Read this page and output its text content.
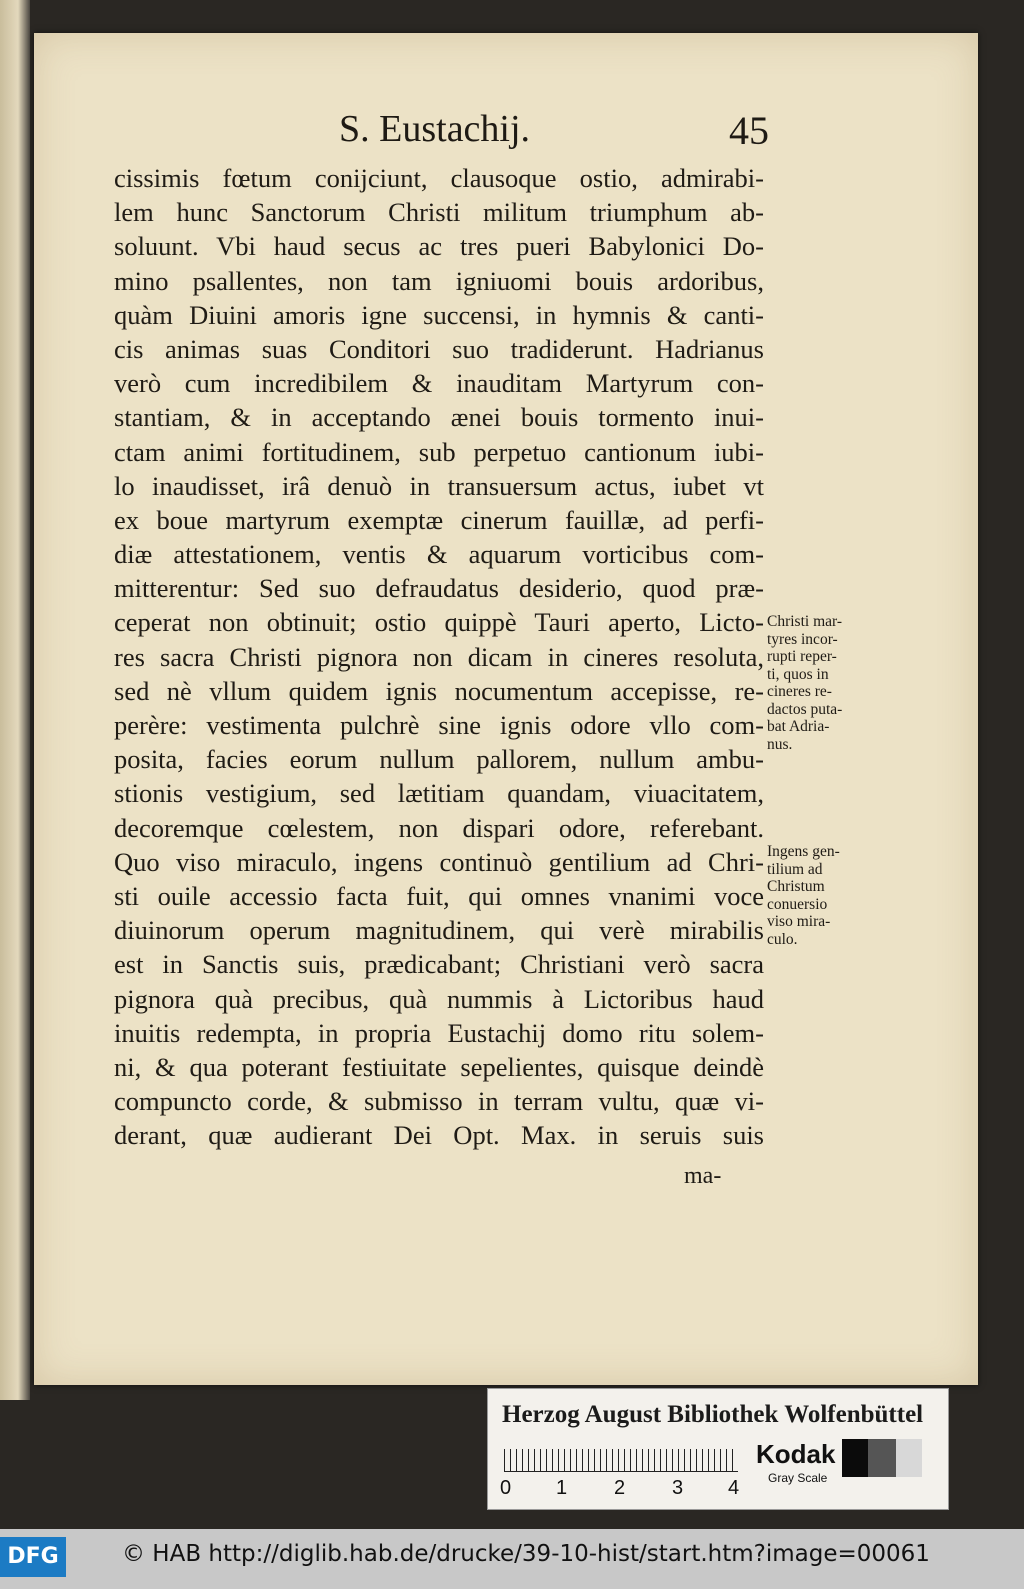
S. Eustachij.	45
cissimis fœtum conijciunt, clausoque ostio, admirabi-
lem hunc Sanctorum Christi militum triumphum ab-
soluunt. Vbi haud secus ac tres pueri Babylonici Do-
mino psallentes, non tam igniuomi bouis ardoribus,
quàm Diuini amoris igne succensi, in hymnis & canti-
cis animas suas Conditori suo tradiderunt. Hadrianus
verò cum incredibilem & inauditam Martyrum con-
stantiam, & in acceptando æneі bouis tormento inui-
ctam animi fortitudinem, sub perpetuo cantionum iubi-
lo inaudisset, irâ denuò in transuersum actus, iubet vt
ex boue martyrum exemptæ cinerum fauillæ, ad perfi-
diæ attestationem, ventis & aquarum vorticibus com-
mitterentur: Sed suo defraudatus desiderio, quod præ-
ceperat non obtinuit; ostio quippè Tauri aperto, Licto-
res sacra Christi pignora non dicam in cineres resoluta,
sed nè vllum quidem ignis nocumentum accepisse, re-
perère: vestimenta pulchrè sine ignis odore vllo com-
posita, facies eorum nullum pallorem, nullum ambu-
stionis vestigium, sed lætitiam quandam, viuacitatem,
decoremque cœlestem, non dispari odore, referebant.
Quo viso miraculo, ingens continuò gentilium ad Chri-
sti ouile accessio facta fuit, qui omnes vnanimi voce
diuinorum operum magnitudinem, qui verè mirabilis
est in Sanctis suis, prædicabant; Christiani verò sacra
pignora quà precibus, quà nummis à Lictoribus haud
inuitis redempta, in propria Eustachij domo ritu solem-
ni, & qua poterant festiuitate sepelientes, quisque deindè
compuncto corde, & submisso in terram vultu, quæ vi-
derant, quæ audierant Dei Opt. Max. in seruis suis
ma-
Christi mar-
tyres incor-
rupti reper-
ti, quos in
cineres re-
dactos puta-
bat Adria-
nus.
Ingens gen-
tilium ad
Christum
conuersio
viso mira-
culo.
Herzog August Bibliothek Wolfenbüttel
0 1 2 3 4
Kodak
Gray Scale
DFG	© HAB http://diglib.hab.de/drucke/39-10-hist/start.htm?image=00061
